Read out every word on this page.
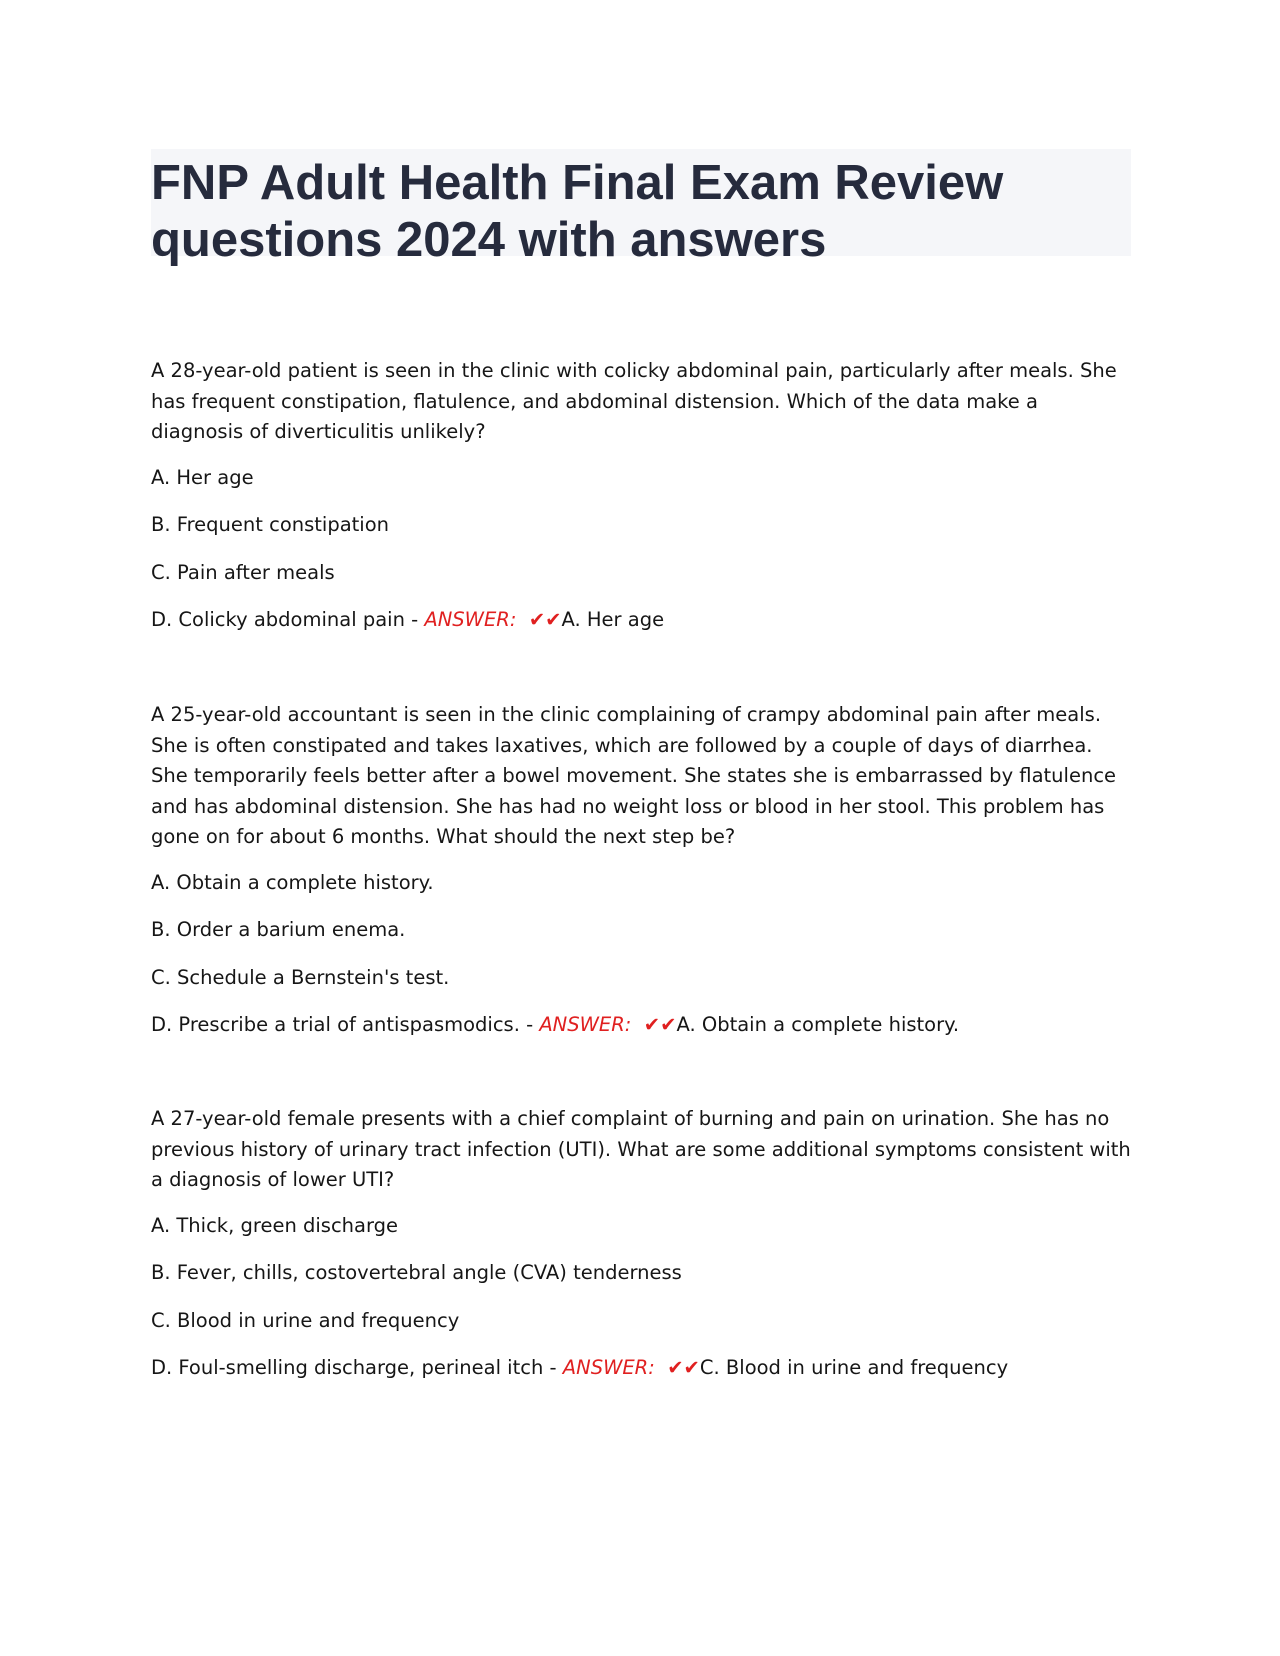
FNP Adult Health Final Exam Review questions 2024 with answers

A 28-year-old patient is seen in the clinic with colicky abdominal pain, particularly after meals. She has frequent constipation, flatulence, and abdominal distension. Which of the data make a diagnosis of diverticulitis unlikely?

A. Her age

B. Frequent constipation

C. Pain after meals

D. Colicky abdominal pain - ANSWER: ✔✔A. Her age

A 25-year-old accountant is seen in the clinic complaining of crampy abdominal pain after meals. She is often constipated and takes laxatives, which are followed by a couple of days of diarrhea. She temporarily feels better after a bowel movement. She states she is embarrassed by flatulence and has abdominal distension. She has had no weight loss or blood in her stool. This problem has gone on for about 6 months. What should the next step be?

A. Obtain a complete history.

B. Order a barium enema.

C. Schedule a Bernstein's test.

D. Prescribe a trial of antispasmodics. - ANSWER: ✔✔A. Obtain a complete history.

A 27-year-old female presents with a chief complaint of burning and pain on urination. She has no previous history of urinary tract infection (UTI). What are some additional symptoms consistent with a diagnosis of lower UTI?

A. Thick, green discharge

B. Fever, chills, costovertebral angle (CVA) tenderness

C. Blood in urine and frequency

D. Foul-smelling discharge, perineal itch - ANSWER: ✔✔C. Blood in urine and frequency
